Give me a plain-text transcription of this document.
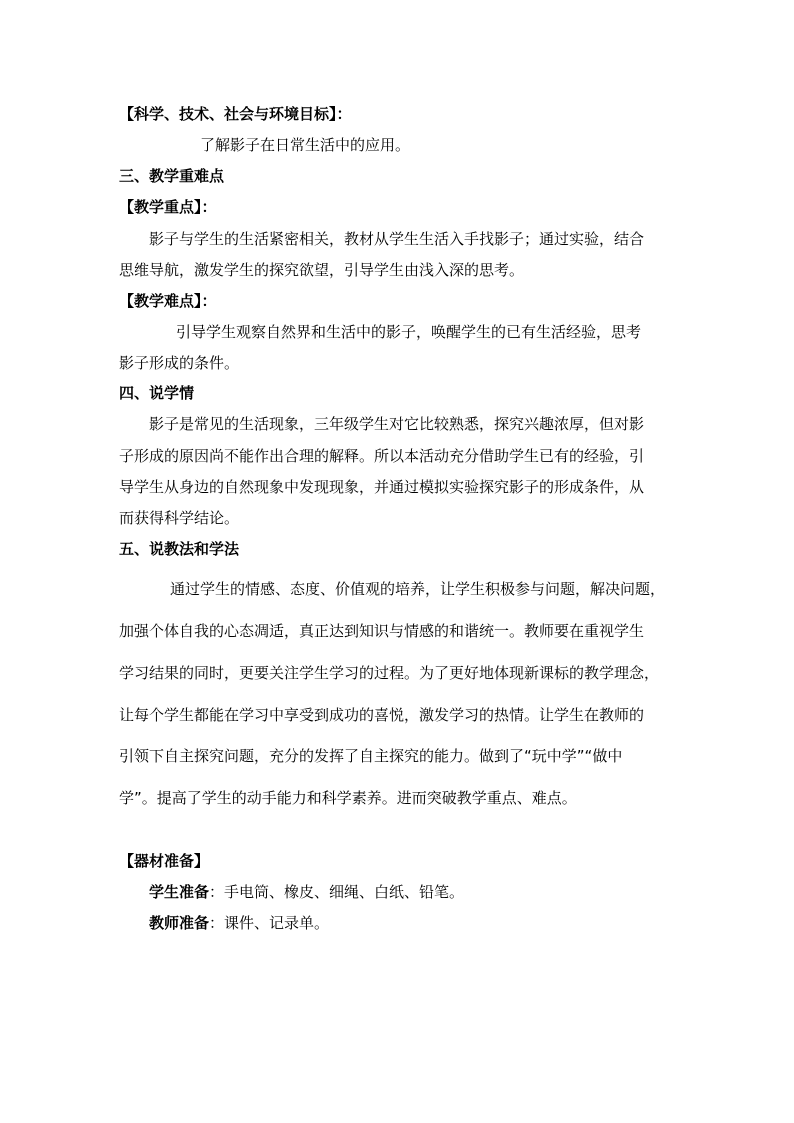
【科学、技术、社会与环境目标】：
了解影子在日常生活中的应用。
三、教学重难点
【教学重点】：
影子与学生的生活紧密相关，教材从学生生活入手找影子；通过实验，结合
思维导航，激发学生的探究欲望，引导学生由浅入深的思考。
【教学难点】：
引导学生观察自然界和生活中的影子，唤醒学生的已有生活经验，思考
影子形成的条件。
四、说学情
影子是常见的生活现象，三年级学生对它比较熟悉，探究兴趣浓厚，但对影
子形成的原因尚不能作出合理的解释。所以本活动充分借助学生已有的经验，引
导学生从身边的自然现象中发现现象，并通过模拟实验探究影子的形成条件，从
而获得科学结论。
五、说教法和学法
通过学生的情感、态度、价值观的培养，让学生积极参与问题，解决问题，
加强个体自我的心态凋适，真正达到知识与情感的和谐统一。教师要在重视学生
学习结果的同时，更要关注学生学习的过程。为了更好地体现新课标的教学理念，
让每个学生都能在学习中享受到成功的喜悦，激发学习的热情。让学生在教师的
引领下自主探究问题，充分的发挥了自主探究的能力。做到了“玩中学”“做中
学”。提高了学生的动手能力和科学素养。进而突破教学重点、难点。
【器材准备】
学生准备：手电筒、橡皮、细绳、白纸、铅笔。
教师准备：课件、记录单。
